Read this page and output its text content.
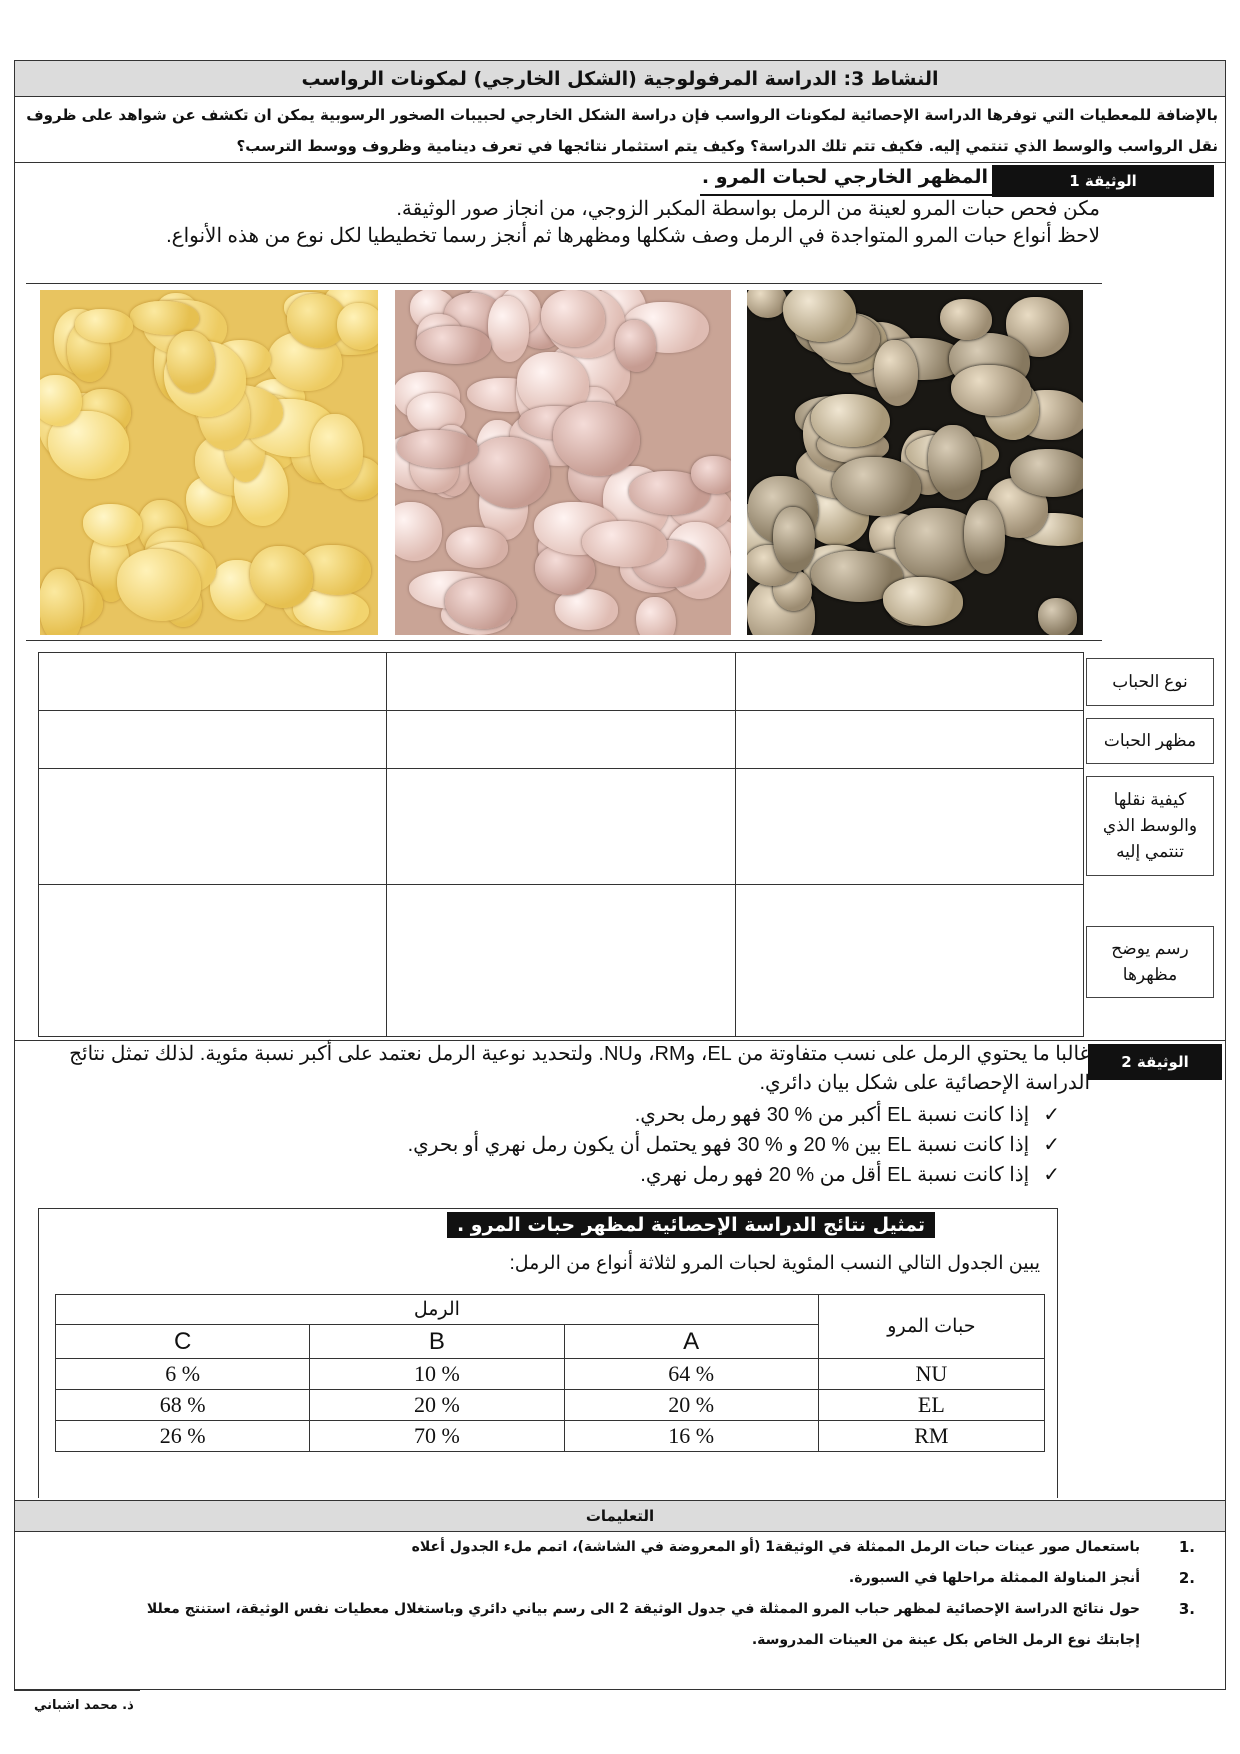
النشاط 3: الدراسة المرفولوجية (الشكل الخارجي) لمكونات الرواسب
بالإضافة للمعطيات التي توفرها الدراسة الإحصائية لمكونات الرواسب فإن دراسة الشكل الخارجي لحبيبات الصخور الرسوبية يمكن ان تكشف عن شواهد على ظروف
نقل الرواسب والوسط الذي تنتمي إليه. فكيف تتم تلك الدراسة؟ وكيف يتم استثمار نتائجها في تعرف دينامية وظروف ووسط الترسب؟
الوثيقة 1
المظهر الخارجي لحبات المرو .
مكن فحص حبات المرو لعينة من الرمل بواسطة المكبر الزوجي، من انجاز صور الوثيقة.
لاحظ أنواع حبات المرو المتواجدة في الرمل وصف شكلها ومظهرها ثم أنجز رسما تخطيطيا لكل نوع من هذه الأنواع.

نوع الحباب
مظهر الحبات
كيفية نقلها والوسط الذي تنتمي إليه
رسم يوضح مظهرها
الوثيقة 2
غالبا ما يحتوي الرمل على نسب متفاوتة من EL، وRM، وNU. ولتحديد نوعية الرمل نعتمد على أكبر نسبة مئوية. لذلك تمثل نتائج الدراسة الإحصائية على شكل بيان دائري.
✓إذا كانت نسبة EL أكبر من % 30 فهو رمل بحري.
✓إذا كانت نسبة EL بين % 20 و % 30 فهو يحتمل أن يكون رمل نهري أو بحري.
✓إذا كانت نسبة EL أقل من % 20 فهو رمل نهري.
تمثيل نتائج الدراسة الإحصائية لمظهر حبات المرو .
يبين الجدول التالي النسب المئوية لحبات المرو لثلاثة أنواع من الرمل:
الرمل			حبات المرو
C	B	A	
6 %	10 %	64 %	NU
68 %	20 %	20 %	EL
26 %	70 %	16 %	RM
التعليمات
1.
باستعمال صور عينات حبات الرمل الممثلة في الوثيقة1 (أو المعروضة في الشاشة)، اتمم ملء الجدول أعلاه
2.
أنجز المناولة الممثلة مراحلها في السبورة.
3.
حول نتائج الدراسة الإحصائية لمظهر حباب المرو الممثلة في جدول الوثيقة 2 الى رسم بياني دائري وباستغلال معطيات نفس الوثيقة، استنتج معللا
إجابتك نوع الرمل الخاص بكل عينة من العينات المدروسة.
ذ. محمد اشباني
